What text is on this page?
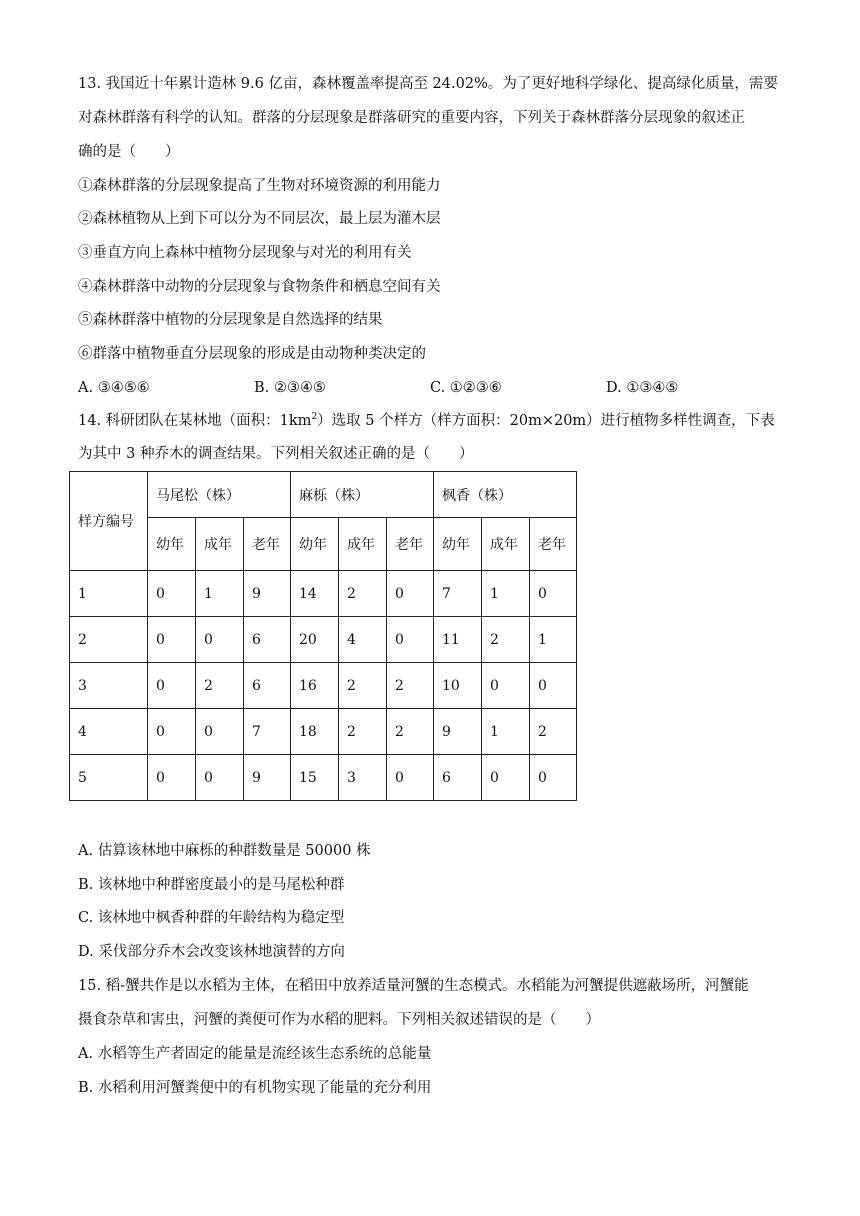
13. 我国近十年累计造林 9.6 亿亩，森林覆盖率提高至 24.02%。为了更好地科学绿化、提高绿化质量，需要
对森林群落有科学的认知。群落的分层现象是群落研究的重要内容，下列关于森林群落分层现象的叙述正
确的是（　　）
①森林群落的分层现象提高了生物对环境资源的利用能力
②森林植物从上到下可以分为不同层次，最上层为灌木层
③垂直方向上森林中植物分层现象与对光的利用有关
④森林群落中动物的分层现象与食物条件和栖息空间有关
⑤森林群落中植物的分层现象是自然选择的结果
⑥群落中植物垂直分层现象的形成是由动物种类决定的
A. ③④⑤⑥	B. ②③④⑤	C. ①②③⑥	D. ①③④⑤
14. 科研团队在某林地（面积：$1km^2$）选取 5 个样方（样方面积：20m×20m）进行植物多样性调查，下表
为其中 3 种乔木的调查结果。下列相关叙述正确的是（　　）
样方编号	马尾松（株）			麻栎（株）			枫香（株）		
	幼年	成年	老年	幼年	成年	老年	幼年	成年	老年
1	0	1	9	14	2	0	7	1	0
2	0	0	6	20	4	0	11	2	1
3	0	2	6	16	2	2	10	0	0
4	0	0	7	18	2	2	9	1	2
5	0	0	9	15	3	0	6	0	0
A. 估算该林地中麻栎的种群数量是 50000 株
B. 该林地中种群密度最小的是马尾松种群
C. 该林地中枫香种群的年龄结构为稳定型
D. 采伐部分乔木会改变该林地演替的方向
15. 稻-蟹共作是以水稻为主体，在稻田中放养适量河蟹的生态模式。水稻能为河蟹提供遮蔽场所，河蟹能
摄食杂草和害虫，河蟹的粪便可作为水稻的肥料。下列相关叙述错误的是（　　）
A. 水稻等生产者固定的能量是流经该生态系统的总能量
B. 水稻利用河蟹粪便中的有机物实现了能量的充分利用
